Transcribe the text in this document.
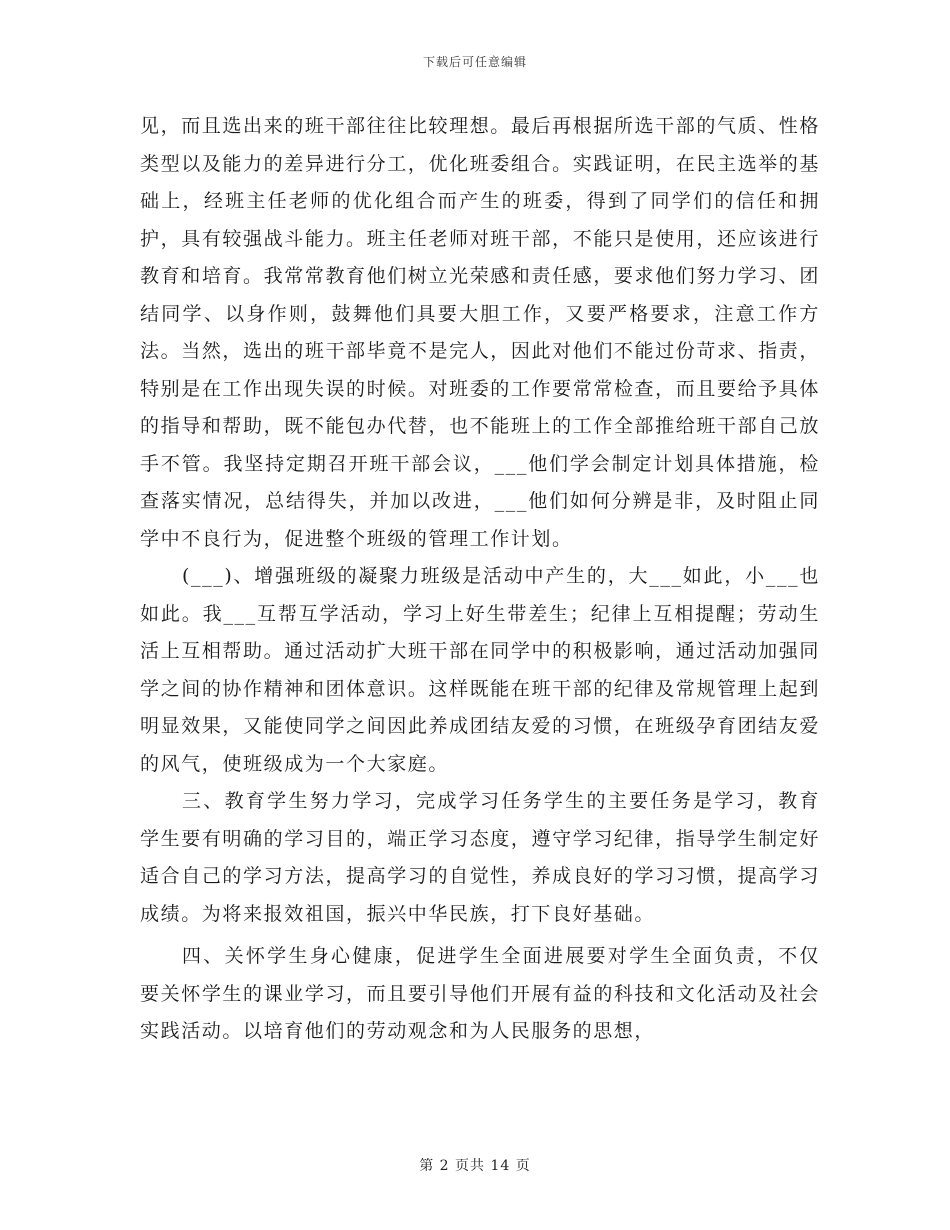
下载后可任意编辑

见，而且选出来的班干部往往比较理想。最后再根据所选干部的气质、性格类型以及能力的差异进行分工，优化班委组合。实践证明，在民主选举的基础上，经班主任老师的优化组合而产生的班委，得到了同学们的信任和拥护，具有较强战斗能力。班主任老师对班干部，不能只是使用，还应该进行教育和培育。我常常教育他们树立光荣感和责任感，要求他们努力学习、团结同学、以身作则，鼓舞他们具要大胆工作，又要严格要求，注意工作方法。当然，选出的班干部毕竟不是完人，因此对他们不能过份苛求、指责，特别是在工作出现失误的时候。对班委的工作要常常检查，而且要给予具体的指导和帮助，既不能包办代替，也不能班上的工作全部推给班干部自己放手不管。我坚持定期召开班干部会议，___他们学会制定计划具体措施，检查落实情况，总结得失，并加以改进，___他们如何分辨是非，及时阻止同学中不良行为，促进整个班级的管理工作计划。

(___)、增强班级的凝聚力班级是活动中产生的，大___如此，小___也如此。我___互帮互学活动，学习上好生带差生；纪律上互相提醒；劳动生活上互相帮助。通过活动扩大班干部在同学中的积极影响，通过活动加强同学之间的协作精神和团体意识。这样既能在班干部的纪律及常规管理上起到明显效果，又能使同学之间因此养成团结友爱的习惯，在班级孕育团结友爱的风气，使班级成为一个大家庭。

三、教育学生努力学习，完成学习任务学生的主要任务是学习，教育学生要有明确的学习目的，端正学习态度，遵守学习纪律，指导学生制定好适合自己的学习方法，提高学习的自觉性，养成良好的学习习惯，提高学习成绩。为将来报效祖国，振兴中华民族，打下良好基础。

四、关怀学生身心健康，促进学生全面进展要对学生全面负责，不仅要关怀学生的课业学习，而且要引导他们开展有益的科技和文化活动及社会实践活动。以培育他们的劳动观念和为人民服务的思想，

第 2 页共 14 页
